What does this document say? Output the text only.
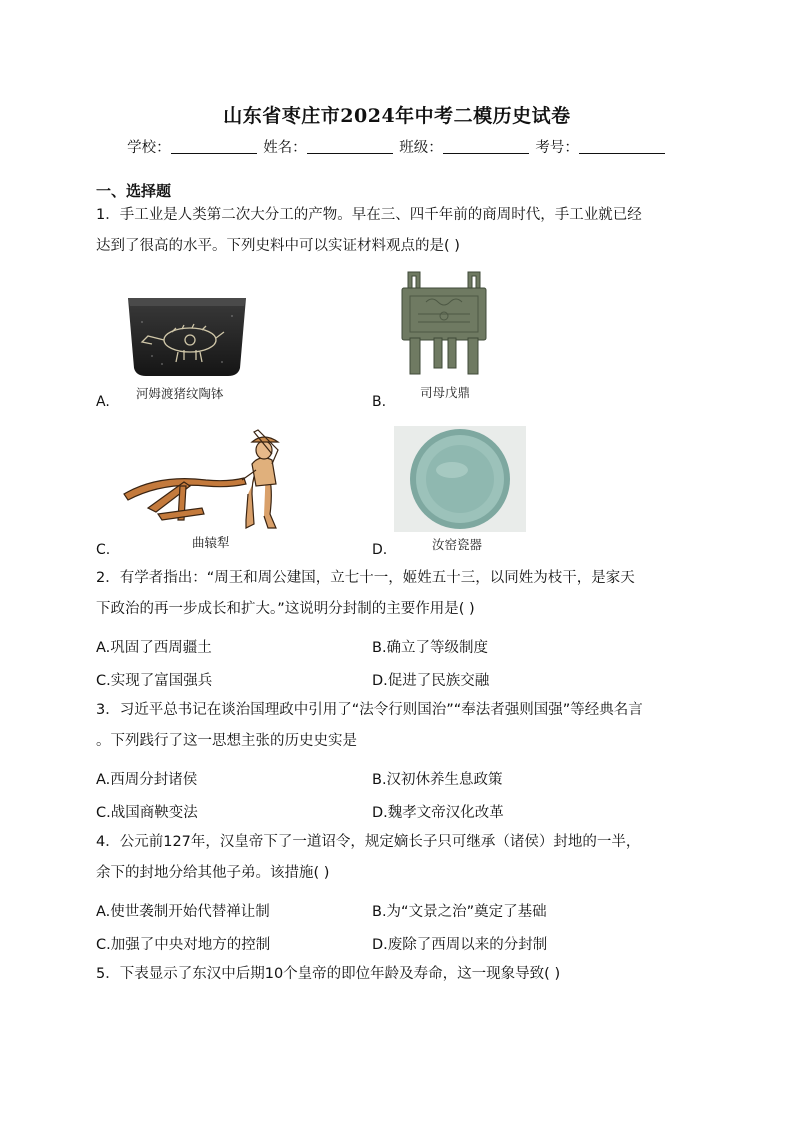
山东省枣庄市2024年中考二模历史试卷
学校：	姓名：	班级：	考号：
一、选择题
1．手工业是人类第二次大分工的产物。早在三、四千年前的商周时代，手工业就已经
达到了很高的水平。下列史料中可以实证材料观点的是( )
河姆渡猪纹陶钵
A.
司母戊鼎
B.
曲辕犁
C.	汝窑瓷器
D.
2．有学者指出：“周王和周公建国，立七十一，姬姓五十三，以同姓为枝干，是家天
下政治的再一步成长和扩大。”这说明分封制的主要作用是( )
A.巩固了西周疆土	B.确立了等级制度
C.实现了富国强兵	D.促进了民族交融
3．习近平总书记在谈治国理政中引用了“法令行则国治”“奉法者强则国强”等经典名言
。下列践行了这一思想主张的历史史实是
A.西周分封诸侯	B.汉初休养生息政策
C.战国商鞅变法	D.魏孝文帝汉化改革
4．公元前127年，汉皇帝下了一道诏令，规定嫡长子只可继承（诸侯）封地的一半，
余下的封地分给其他子弟。该措施( )
A.使世袭制开始代替禅让制	B.为“文景之治”奠定了基础
C.加强了中央对地方的控制	D.废除了西周以来的分封制
5．下表显示了东汉中后期10个皇帝的即位年龄及寿命，这一现象导致( )
